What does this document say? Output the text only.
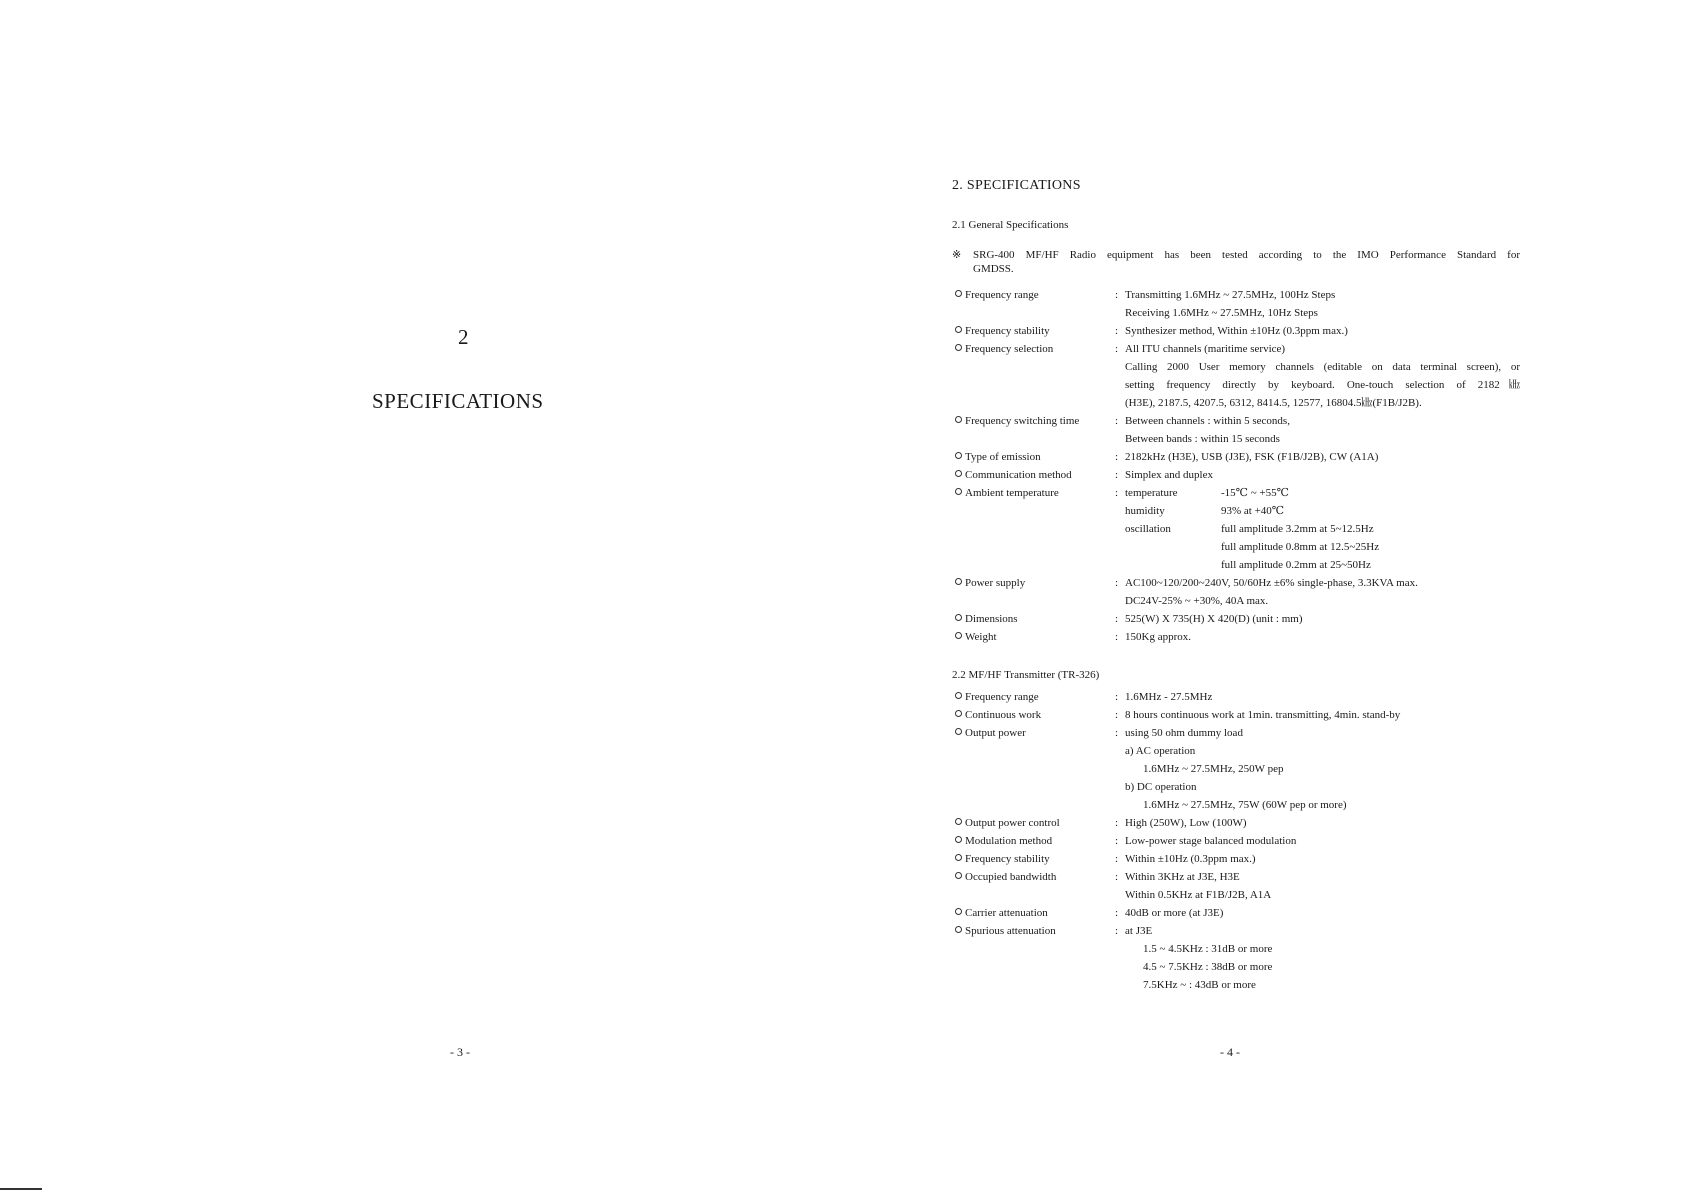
2
SPECIFICATIONS
- 3 -	- 4 -
2. SPECIFICATIONS
2.1 General Specifications
※ SRG-400 MF/HF Radio equipment has been tested according to the IMO Performance Standard for
GMDSS.
Frequency range	: Transmitting 1.6MHz ~ 27.5MHz, 100Hz Steps
Receiving 1.6MHz ~ 27.5MHz, 10Hz Steps
Frequency stability	: Synthesizer method, Within ±10Hz (0.3ppm max.)
Frequency selection	: All ITU channels (maritime service)
Calling 2000 User memory channels (editable on data terminal screen), or
setting frequency directly by keyboard. One-touch selection of 2182㎑
(H3E), 2187.5, 4207.5, 6312, 8414.5, 12577, 16804.5㎑(F1B/J2B).
Frequency switching time	: Between channels : within 5 seconds,
Between bands : within 15 seconds
Type of emission	: 2182kHz (H3E), USB (J3E), FSK (F1B/J2B), CW (A1A)
Communication method	: Simplex and duplex
Ambient temperature	: temperature	-15℃ ~ +55℃
humidity	93% at +40℃
oscillation	full amplitude 3.2mm at 5~12.5Hz
full amplitude 0.8mm at 12.5~25Hz
full amplitude 0.2mm at 25~50Hz
Power supply	: AC100~120/200~240V, 50/60Hz ±6% single-phase, 3.3KVA max.
DC24V-25% ~ +30%, 40A max.
Dimensions	: 525(W) X 735(H) X 420(D) (unit : mm)
Weight	: 150Kg approx.
2.2 MF/HF Transmitter (TR-326)
Frequency range	: 1.6MHz - 27.5MHz
Continuous work	: 8 hours continuous work at 1min. transmitting, 4min. stand-by
Output power	: using 50 ohm dummy load
a) AC operation
1.6MHz ~ 27.5MHz, 250W pep
b) DC operation
1.6MHz ~ 27.5MHz, 75W (60W pep or more)
Output power control	: High (250W), Low (100W)
Modulation method	: Low-power stage balanced modulation
Frequency stability	: Within ±10Hz (0.3ppm max.)
Occupied bandwidth	: Within 3KHz at J3E, H3E
Within 0.5KHz at F1B/J2B, A1A
Carrier attenuation	: 40dB or more (at J3E)
Spurious attenuation	: at J3E
1.5 ~ 4.5KHz : 31dB or more
4.5 ~ 7.5KHz : 38dB or more
7.5KHz ~ : 43dB or more
